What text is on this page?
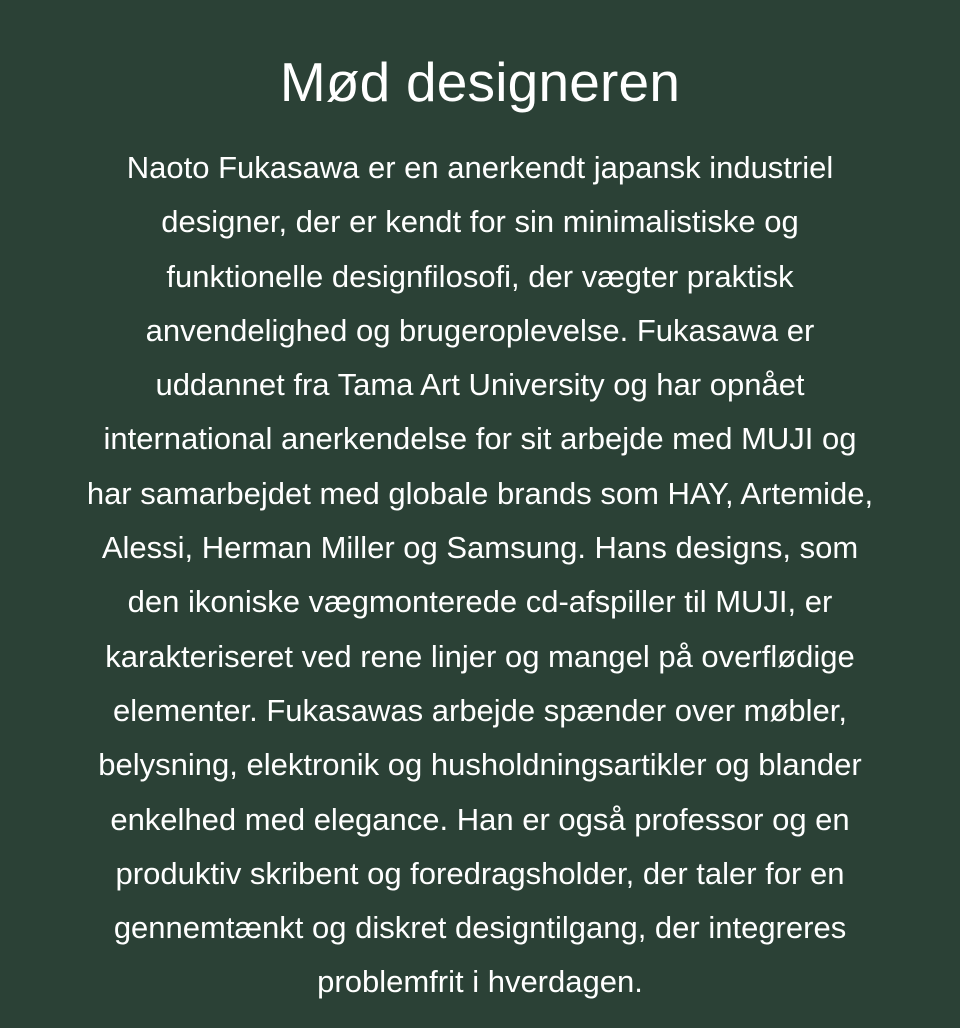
Mød designeren
Naoto Fukasawa er en anerkendt japansk industriel
designer, der er kendt for sin minimalistiske og
funktionelle designfilosofi, der vægter praktisk
anvendelighed og brugeroplevelse. Fukasawa er
uddannet fra Tama Art University og har opnået
international anerkendelse for sit arbejde med MUJI og
har samarbejdet med globale brands som HAY, Artemide,
Alessi, Herman Miller og Samsung. Hans designs, som
den ikoniske vægmonterede cd-afspiller til MUJI, er
karakteriseret ved rene linjer og mangel på overflødige
elementer. Fukasawas arbejde spænder over møbler,
belysning, elektronik og husholdningsartikler og blander
enkelhed med elegance. Han er også professor og en
produktiv skribent og foredragsholder, der taler for en
gennemtænkt og diskret designtilgang, der integreres
problemfrit i hverdagen.
